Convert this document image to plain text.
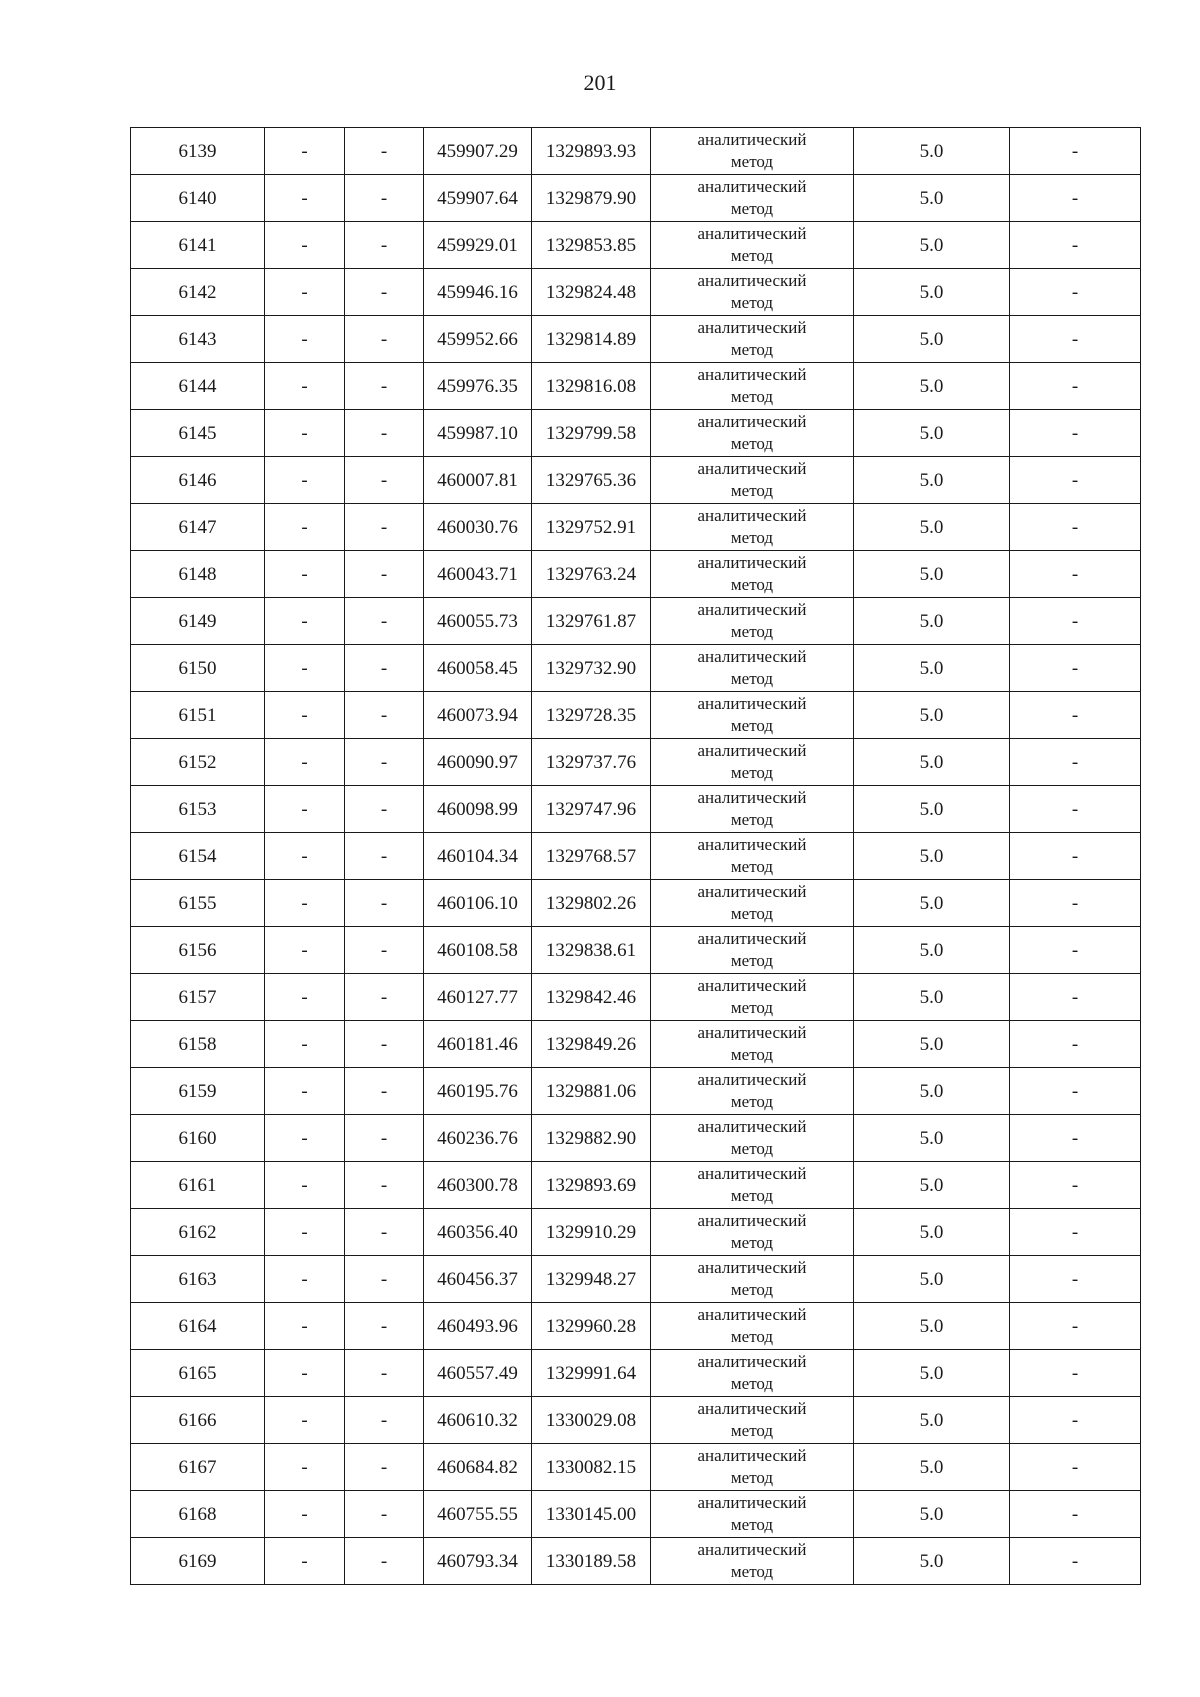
201
6139	-	-	459907.29	1329893.93	аналитический
метод	5.0	-
6140	-	-	459907.64	1329879.90	аналитический
метод	5.0	-
6141	-	-	459929.01	1329853.85	аналитический
метод	5.0	-
6142	-	-	459946.16	1329824.48	аналитический
метод	5.0	-
6143	-	-	459952.66	1329814.89	аналитический
метод	5.0	-
6144	-	-	459976.35	1329816.08	аналитический
метод	5.0	-
6145	-	-	459987.10	1329799.58	аналитический
метод	5.0	-
6146	-	-	460007.81	1329765.36	аналитический
метод	5.0	-
6147	-	-	460030.76	1329752.91	аналитический
метод	5.0	-
6148	-	-	460043.71	1329763.24	аналитический
метод	5.0	-
6149	-	-	460055.73	1329761.87	аналитический
метод	5.0	-
6150	-	-	460058.45	1329732.90	аналитический
метод	5.0	-
6151	-	-	460073.94	1329728.35	аналитический
метод	5.0	-
6152	-	-	460090.97	1329737.76	аналитический
метод	5.0	-
6153	-	-	460098.99	1329747.96	аналитический
метод	5.0	-
6154	-	-	460104.34	1329768.57	аналитический
метод	5.0	-
6155	-	-	460106.10	1329802.26	аналитический
метод	5.0	-
6156	-	-	460108.58	1329838.61	аналитический
метод	5.0	-
6157	-	-	460127.77	1329842.46	аналитический
метод	5.0	-
6158	-	-	460181.46	1329849.26	аналитический
метод	5.0	-
6159	-	-	460195.76	1329881.06	аналитический
метод	5.0	-
6160	-	-	460236.76	1329882.90	аналитический
метод	5.0	-
6161	-	-	460300.78	1329893.69	аналитический
метод	5.0	-
6162	-	-	460356.40	1329910.29	аналитический
метод	5.0	-
6163	-	-	460456.37	1329948.27	аналитический
метод	5.0	-
6164	-	-	460493.96	1329960.28	аналитический
метод	5.0	-
6165	-	-	460557.49	1329991.64	аналитический
метод	5.0	-
6166	-	-	460610.32	1330029.08	аналитический
метод	5.0	-
6167	-	-	460684.82	1330082.15	аналитический
метод	5.0	-
6168	-	-	460755.55	1330145.00	аналитический
метод	5.0	-
6169	-	-	460793.34	1330189.58	аналитический
метод	5.0	-
